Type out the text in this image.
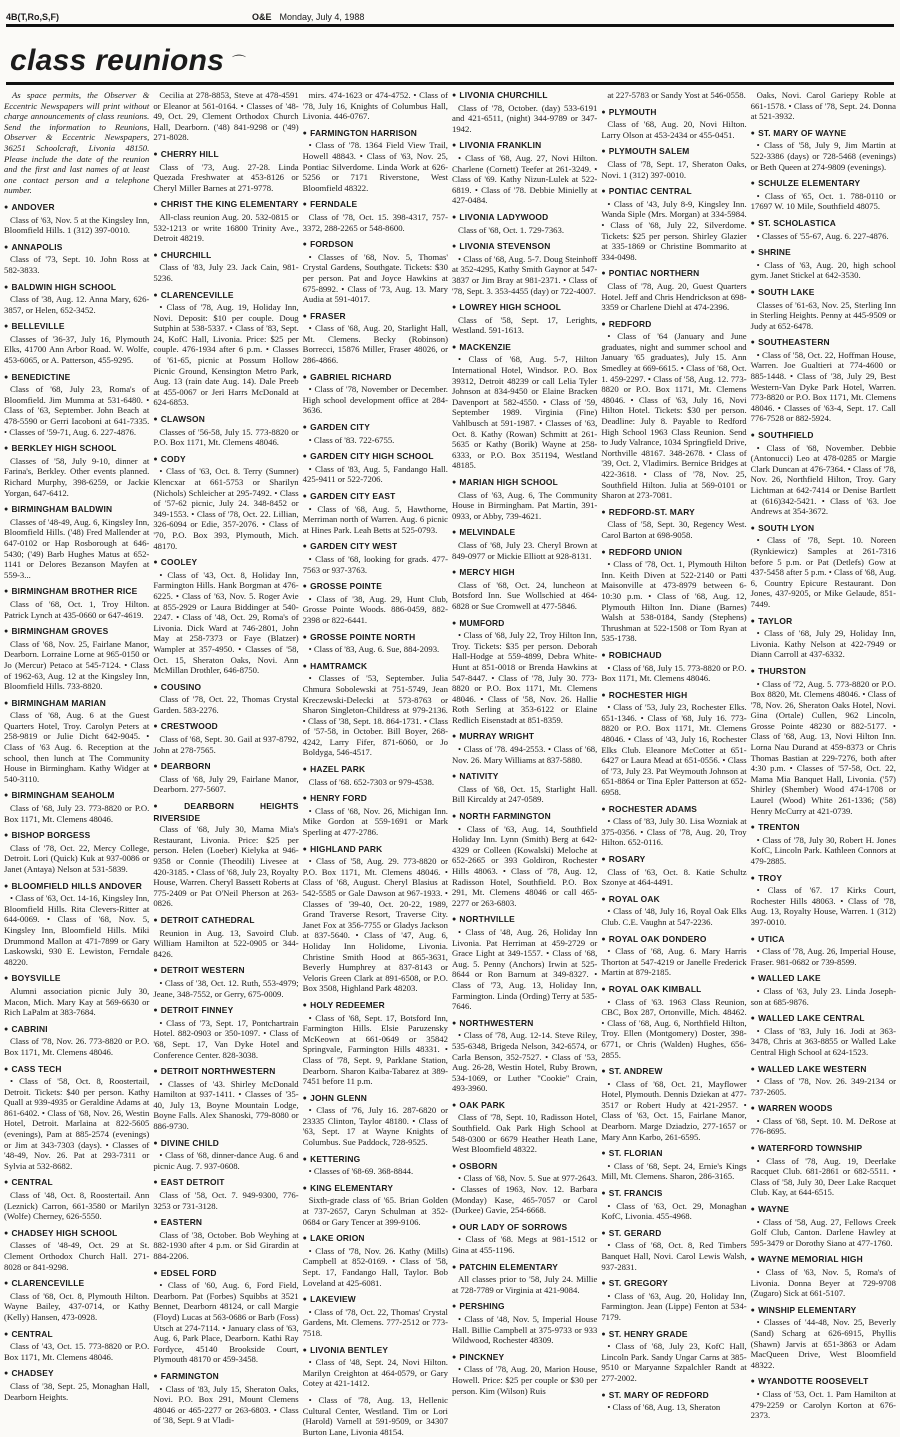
4B(T,Ro,S,F)	O&E Monday, July 4, 1988
class reunions ⌒

As space permits, the Observer & Eccentric Newspapers will print without charge announcements of class reunions. Send the information to Reunions, Observer & Eccentric Newspapers, 36251 Schoolcraft, Livonia 48150. Please include the date of the reunion and the first and last names of at least one contact person and a telephone number.

● ANDOVER
Class of '63, Nov. 5 at the Kingsley Inn, Bloomfield Hills. 1 (312) 397-0010.
● ANNAPOLIS
Class of '73, Sept. 10. John Ross at 582-3833.
● BALDWIN HIGH SCHOOL
Class of '38, Aug. 12. Anna Mary, 626-3857, or Helen, 652-3452.
● BELLEVILLE
Classes of '36-37, July 16, Plymouth Elks, 41700 Ann Arbor Road. W. Wolfe, 453-6065, or A. Patterson, 455-9295.
● BENEDICTINE
Class of '68, July 23, Roma's of Bloomfield. Jim Mumma at 531-6480. • Class of '63, September. John Beach at 478-5590 or Gerri Iacoboni at 641-7335. • Classes of '59-71, Aug. 6. 227-4876.
● BERKLEY HIGH SCHOOL
Classes of '58, July 9-10, dinner at Farina's, Berkley. Other events planned. Richard Murphy, 398-6259, or Jackie Yorgan, 647-6412.
● BIRMINGHAM BALDWIN
Classes of '48-49, Aug. 6, Kingsley Inn, Bloomfield Hills. ('48) Fred Mallender at 647-0102 or Hap Rosborough at 646-5430; ('49) Barb Hughes Matus at 652-1141 or Delores Bezanson Mayfen at 559-3...
● BIRMINGHAM BROTHER RICE
Class of '68, Oct. 1, Troy Hilton. Patrick Lynch at 435-0660 or 647-4619.
● BIRMINGHAM GROVES
Class of '68, Nov. 25, Fairlane Manor, Dearborn. Lorraine Lorne at 965-0150 or Jo (Mercur) Petaco at 545-7124. • Class of 1962-63, Aug. 12 at the Kingsley Inn, Bloomfield Hills. 733-8820.
● BIRMINGHAM MARIAN
Class of '68, Aug. 6 at the Guest Quarters Hotel, Troy. Carolyn Peters at 258-9819 or Julie Dicht 642-9045. • Class of '63 Aug. 6. Reception at the school, then lunch at The Community House in Birmingham. Kathy Widger at 540-3110.
● BIRMINGHAM SEAHOLM
Class of '68, July 23. 773-8820 or P.O. Box 1171, Mt. Clemens 48046.
● BISHOP BORGESS
Class of '78, Oct. 22, Mercy College, Detroit. Lori (Quick) Kuk at 937-0086 or Janet (Antaya) Nelson at 531-5839.
● BLOOMFIELD HILLS ANDOVER
• Class of '63, Oct. 14-16, Kingsley Inn, Bloomfield Hills. Rita Clevers-Ritter at 644-0069. • Class of '68, Nov. 5, Kingsley Inn, Bloomfield Hills. Miki Drummond Mallon at 471-7899 or Gary Laskowski, 930 E. Lewiston, Ferndale 48220.
● BOYSVILLE
Alumni association picnic July 30, Macon, Mich. Mary Kay at 569-6630 or Rich LaPalm at 383-7684.
● CABRINI
Class of '78, Nov. 26. 773-8820 or P.O. Box 1171, Mt. Clemens 48046.
● CASS TECH
• Class of '58, Oct. 8, Roostertail, Detroit. Tickets: $40 per person. Kathy Quall at 939-4935 or Geraldine Adams at 861-6402. • Class of '68, Nov. 26, Westin Hotel, Detroit. Marlaina at 822-5605 (evenings), Pam at 885-2574 (evenings) or Jim at 343-7303 (days). • Classes of '48-49, Nov. 26. Pat at 293-7311 or Sylvia at 532-8682.
● CENTRAL
Class of '48, Oct. 8, Roostertail. Ann (Leznick) Carron, 661-3580 or Marilyn (Wolfe) Cherney, 626-5550.
● CHADSEY HIGH SCHOOL
Classes of '48-49, Oct. 29 at St. Clement Orthodox Church Hall. 271-8028 or 841-9298.
● CLARENCEVILLE
Class of '68, Oct. 8, Plymouth Hilton. Wayne Bailey, 437-0714, or Kathy (Kelly) Hansen, 473-0928.
● CENTRAL
Class of '43, Oct. 15. 773-8820 or P.O. Box 1171, Mt. Clemens 48046.
● CHADSEY
Class of '38, Sept. 25, Monaghan Hall, Dearborn Heights.
Cecilia at 278-8853, Steve at 478-4591 or Eleanor at 561-0164. • Classes of '48-49, Oct. 29, Clement Orthodox Church Hall, Dearborn. ('48) 841-9298 or ('49) 271-8028.
● CHERRY HILL
Class of '73, Aug. 27-28. Linda Quezada Freshwater at 453-8126 or Cheryl Miller Barnes at 271-9778.
● CHRIST THE KING ELEMENTARY
All-class reunion Aug. 20. 532-0815 or 532-1213 or write 16800 Trinity Ave., Detroit 48219.
● CHURCHILL
Class of '83, July 23. Jack Cain, 981-5236.
● CLARENCEVILLE
• Class of '78, Aug. 19, Holiday Inn, Novi. Deposit: $10 per couple. Doug Sutphin at 538-5337. • Class of '83, Sept. 24, KofC Hall, Livonia. Price: $25 per couple. 476-1934 after 6 p.m. • Classes of '61-65, picnic at Possum Hollow Picnic Ground, Kensington Metro Park, Aug. 13 (rain date Aug. 14). Dale Preeb at 455-0067 or Jeri Harrs McDonald at 624-6853.
● CLAWSON
Classes of '56-58, July 15. 773-8820 or P.O. Box 1171, Mt. Clemens 48046.
● CODY
• Class of '63, Oct. 8. Terry (Sumner) Klencxar at 661-5753 or Sharilyn (Nichols) Schleicher at 295-7492. • Class of '57-62 picnic, July 24. 348-8452 or 349-1553. • Class of '78, Oct. 22. Lillian, 326-6094 or Edie, 357-2076. • Class of '70, P.O. Box 393, Plymouth, Mich. 48170.
● COOLEY
• Class of '43, Oct. 8, Holiday Inn, Farmington Hills. Hank Borgman at 476-6225. • Class of '63, Nov. 5. Roger Avie at 855-2929 or Laura Biddinger at 540-2247. • Class of '48, Oct. 29, Roma's of Livonia. Dick Ward at 746-2801, John May at 258-7373 or Faye (Blatzer) Wampler at 357-4950. • Classes of '58, Oct. 15, Sheraton Oaks, Novi. Ann McMillan Drothler, 646-8750.
● COUSINO
Class of '78, Oct. 22, Thomas Crystal Garden. 583-2276.
● CRESTWOOD
Class of '68, Sept. 30. Gail at 937-8792, John at 278-7565.
● DEARBORN
Class of '68, July 29, Fairlane Manor, Dearborn. 277-5607.
● DEARBORN HEIGHTS RIVERSIDE
Class of '68, July 30, Mama Mia's Restaurant, Livonia. Price: $25 per person. Helen (Loeber) Kielyka at 946-9358 or Connie (Theodili) Livesee at 420-3185. • Class of '68, July 23, Royalty House, Warren. Cheryl Bassett Roberts at 775-2409 or Pat O'Neil Pherson at 263-0826.
● DETROIT CATHEDRAL
Reunion in Aug. 13, Savoird Club. William Hamilton at 522-0905 or 344-8426.
● DETROIT WESTERN
• Class of '38, Oct. 12. Ruth, 553-4979; Jeane, 348-7552, or Gerry, 675-0009.
● DETROIT FINNEY
• Class of '73, Sept. 17, Pontchartrain Hotel. 882-0903 or 350-1097. • Class of '68, Sept. 17, Van Dyke Hotel and Conference Center. 828-3038.
● DETROIT NORTHWESTERN
• Classes of '43. Shirley McDonald Hamilton at 937-1411. • Classes of '35-40, July 13, Boyne Mountain Lodge, Boyne Falls. Alex Shanoski, 779-8080 or 886-9730.
● DIVINE CHILD
• Class of '68, dinner-dance Aug. 6 and picnic Aug. 7. 937-0608.
● EAST DETROIT
Class of '58, Oct. 7. 949-9300, 776-3253 or 731-3128.
● EASTERN
Class of '38, October. Bob Weyhing at 882-1930 after 4 p.m. or Sid Girardin at 884-2206.
● EDSEL FORD
• Class of '60, Aug. 6, Ford Field, Dearborn. Pat (Forbes) Squibbs at 3521 Bennet, Dearborn 48124, or call Margie (Floyd) Lucas at 563-0686 or Barb (Foss) Utsch at 274-7114. • January class of '63, Aug. 6, Park Place, Dearborn. Kathi Ray Fordyce, 45140 Brookside Court, Plymouth 48170 or 459-3458.
● FARMINGTON
• Class of '83, July 15, Sheraton Oaks, Novi. P.O. Box 291, Mount Clemens 48046 or 465-2277 or 263-6803. • Class of '38, Sept. 9 at Vladi-
mirs. 474-1623 or 474-4752. • Class of '78, July 16, Knights of Columbus Hall, Livonia. 446-0767.
● FARMINGTON HARRISON
• Class of '78. 1364 Field View Trail, Howell 48843. • Class of '63, Nov. 25, Pontiac Silverdome. Linda Work at 626-5256 or 7171 Riverstone, West Bloomfield 48322.
● FERNDALE
Class of '78, Oct. 15. 398-4317, 757-3372, 288-2265 or 548-8600.
● FORDSON
• Classes of '68, Nov. 5, Thomas' Crystal Gardens, Southgate. Tickets: $30 per person. Pat and Joyce Hawkins at 675-8992. • Class of '73, Aug. 13. Mary Audia at 591-4017.
● FRASER
• Class of '68, Aug. 20, Starlight Hall, Mt. Clemens. Becky (Robinson) Borrecci, 15876 Miller, Fraser 48026, or 286-4866.
● GABRIEL RICHARD
• Class of '78, November or December. High school development office at 284-3636.
● GARDEN CITY
• Class of '83. 722-6755.
● GARDEN CITY HIGH SCHOOL
• Class of '83, Aug. 5, Fandango Hall. 425-9411 or 522-7206.
● GARDEN CITY EAST
• Class of '68, Aug. 5, Hawthorne, Merriman north of Warren. Aug. 6 picnic at Hines Park. Leah Betts at 525-0793.
● GARDEN CITY WEST
• Class of '68, looking for grads. 477-7563 or 937-3763.
● GROSSE POINTE
• Class of '38, Aug. 29, Hunt Club, Grosse Pointe Woods. 886-0459, 882-2398 or 822-6441.
● GROSSE POINTE NORTH
• Class of '83, Aug. 6. Sue, 884-2093.
● HAMTRAMCK
• Classes of '53, September. Julia Chmura Sobolewski at 751-5749, Jean Kreczewski-Delecki at 573-8763 or Sharon Singleton-Childress at 979-2136. • Class of '38, Sept. 18. 864-1731. • Class of '57-58, in October. Bill Boyer, 268-4242, Larry Fifer, 871-6060, or Jo Boldyga, 546-4517.
● HAZEL PARK
Class of '68. 652-7303 or 979-4538.
● HENRY FORD
• Class of '68, Nov. 26, Michigan Inn. Mike Gordon at 559-1691 or Mark Sperling at 477-2786.
● HIGHLAND PARK
• Class of '58, Aug. 29. 773-8820 or P.O. Box 1171, Mt. Clemens 48046. • Class of '68, August. Cheryl Blasius at 542-5585 or Gale Dawson at 967-1933. • Classes of '39-40, Oct. 20-22, 1989, Grand Traverse Resort, Traverse City. Janet Fox at 356-7755 or Gladys Jackson at 837-5640. • Class of '47, Aug. 6, Holiday Inn Holidome, Livonia. Christine Smith Hood at 865-3631, Beverly Humphrey at 837-8143 or Veloris Green Clark at 891-6508, or P.O. Box 3508, Highland Park 48203.
● HOLY REDEEMER
• Class of '68, Sept. 17, Botsford Inn, Farmington Hills. Elsie Paruzensky McKeown at 661-0649 or 35842 Springvale, Farmington Hills 48331. • Class of '78, Sept. 9, Parklane Station, Dearborn. Sharon Kaiba-Tabarez at 389-7451 before 11 p.m.
● JOHN GLENN
• Class of '76, July 16. 287-6820 or 23335 Clinton, Taylor 48180. • Class of '63, Sept. 17 at Wayne Knights of Columbus. Sue Paddock, 728-9525.
● KETTERING
• Classes of '68-69. 368-8844.
● KING ELEMENTARY
Sixth-grade class of '65. Brian Golden at 737-2657, Caryn Schulman at 352-0684 or Gary Tencer at 399-9106.
● LAKE ORION
• Class of '78, Nov. 26. Kathy (Mills) Campbell at 852-0169. • Class of '58, Sept. 17, Fandango Hall, Taylor. Bob Loveland at 425-6081.
● LAKEVIEW
• Class of '78, Oct. 22, Thomas' Crystal Gardens, Mt. Clemens. 777-2512 or 773-7518.
● LIVONIA BENTLEY
• Class of '48, Sept. 24, Novi Hilton. Marilyn Creighton at 464-0579, or Gary Cotey at 421-1412.
• Class of '78, Aug. 13, Hellenic Cultural Center, Westland. Tim or Lori (Harold) Varnell at 591-9509, or 34307 Burton Lane, Livonia 48154.
● LIVONIA CHURCHILL
Class of '78, October. (day) 533-6191 and 421-6511, (night) 344-9789 or 347-1942.
● LIVONIA FRANKLIN
• Class of '68, Aug. 27, Novi Hilton. Charlene (Cornett) Teefer at 261-3249. • Class of '69. Kathy Nizun-Lulek at 522-6819. • Class of '78. Debbie Minielly at 427-0484.
● LIVONIA LADYWOOD
Class of '68, Oct. 1. 729-7363.
● LIVONIA STEVENSON
• Class of '68, Aug. 5-7. Doug Steinhoff at 352-4295, Kathy Smith Gaynor at 547-3837 or Jim Bray at 981-2371. • Class of '78, Sept. 3. 353-4455 (day) or 722-4007.
● LOWREY HIGH SCHOOL
Class of '58, Sept. 17, Lerights, Westland. 591-1613.
● MACKENZIE
• Class of '68, Aug. 5-7, Hilton International Hotel, Windsor. P.O. Box 39312, Detroit 48239 or call Lelia Tyler Johnson at 834-9450 or Elaine Bracken Davenport at 582-4550. • Class of '59, September 1989. Virginia (Fine) Vahlbusch at 591-1987. • Classes of '63, Oct. 8. Kathy (Rowan) Schmitt at 261-5635 or Kathy (Borik) Wayne at 258-6333, or P.O. Box 351194, Westland 48185.
● MARIAN HIGH SCHOOL
Class of '63, Aug. 6, The Community House in Birmingham. Pat Martin, 391-0933, or Abby, 739-4621.
● MELVINDALE
Class of '68, July 23. Cheryl Brown at 849-0977 or Mickie Elliott at 928-8131.
● MERCY HIGH
Class of '68, Oct. 24, luncheon at Botsford Inn. Sue Wollschied at 464-6828 or Sue Cromwell at 477-5846.
● MUMFORD
• Class of '68, July 22, Troy Hilton Inn, Troy. Tickets: $35 per person. Deborah Hall-Hodge at 559-4899, Debra White-Hunt at 851-0018 or Brenda Hawkins at 547-8447. • Class of '78, July 30. 773-8820 or P.O. Box 1171, Mt. Clemens 48046. • Class of '58, Nov. 26. Hallie Roth Serling at 353-6122 or Elaine Redlich Eisenstadt at 851-8359.
● MURRAY WRIGHT
• Class of '78. 494-2553. • Class of '68, Nov. 26. Mary Williams at 837-5880.
● NATIVITY
Class of '68, Oct. 15, Starlight Hall. Bill Kircaldy at 247-0589.
● NORTH FARMINGTON
• Class of '63, Aug. 14, Southfield Holiday Inn. Lynn (Smith) Berg at 642-4329 or Colleen (Kowalski) Meloche at 652-2665 or 393 Goldiron, Rochester Hills 48063. • Class of '78, Aug. 12, Radisson Hotel, Southfield. P.O. Box 291, Mt. Clemens 48046 or call 465-2277 or 263-6803.
● NORTHVILLE
• Class of '48, Aug. 26, Holiday Inn Livonia. Pat Herriman at 459-2729 or Grace Light at 349-1557. • Class of '68, Aug. 5. Penny (Anchors) Irwin at 525-8644 or Ron Barnum at 349-8327. • Class of '73, Aug. 13, Holiday Inn, Farmington. Linda (Ording) Terry at 535-7646.
● NORTHWESTERN
• Class of '78, Aug. 12-14. Steve Riley, 535-6348, Brigeda Nelson, 342-6574, or Carla Benson, 352-7527. • Class of '53, Aug. 26-28, Westin Hotel, Ruby Brown, 534-1069, or Luther "Cookie" Crain, 493-3960.
● OAK PARK
Class of '78, Sept. 10, Radisson Hotel, Southfield. Oak Park High School at 548-0300 or 6679 Heather Heath Lane, West Bloomfield 48322.
● OSBORN
• Class of '68, Nov. 5. Sue at 977-2643. • Classes of 1963, Nov. 12. Barbara (Monday) Kase, 465-7057 or Carol (Durkee) Gavie, 254-6668.
● OUR LADY OF SORROWS
• Class of '68. Megs at 981-1512 or Gina at 455-1196.
● PATCHIN ELEMENTARY
All classes prior to '58, July 24. Millie at 728-7789 or Virginia at 421-9084.
● PERSHING
• Class of '48, Nov. 5, Imperial House Hall. Billie Campbell at 375-9733 or 933 Wildwood, Rochester 48309.
● PINCKNEY
• Class of '78, Aug. 20, Marion House, Howell. Price: $25 per couple or $30 per person. Kim (Wilson) Ruis
at 227-5783 or Sandy Yost at 546-0558.
● PLYMOUTH
Class of '68, Aug. 20, Novi Hilton. Larry Olson at 453-2434 or 455-0451.
● PLYMOUTH SALEM
Class of '78, Sept. 17, Sheraton Oaks, Novi. 1 (312) 397-0010.
● PONTIAC CENTRAL
• Class of '43, July 8-9, Kingsley Inn. Wanda Siple (Mrs. Morgan) at 334-5984. • Class of '68, July 22, Silverdome. Tickets: $25 per person. Shirley Glazier at 335-1869 or Christine Bommarito at 334-0498.
● PONTIAC NORTHERN
Class of '78, Aug. 20, Guest Quarters Hotel. Jeff and Chris Hendrickson at 698-3359 or Charlene Diehl at 474-2396.
● REDFORD
• Class of '64 (January and June graduates, night and summer school and January '65 graduates), July 15. Ann Smedley at 669-6615. • Class of '68, Oct. 1. 459-2297. • Class of '58, Aug. 12. 773-8820 or P.O. Box 1171, Mt. Clemens 48046. • Class of '63, July 16, Novi Hilton Hotel. Tickets: $30 per person. Deadline: July 8. Payable to Redford High School 1963 Class Reunion. Send to Judy Valrance, 1034 Springfield Drive, Northville 48167. 348-2678. • Class of '39, Oct. 2, Vladimirs. Bernice Bridges at 422-3618. • Class of '78, Nov. 25, Southfield Hilton. Julia at 569-0101 or Sharon at 273-7081.
● REDFORD-ST. MARY
Class of '58, Sept. 30, Regency West. Carol Barton at 698-9058.
● REDFORD UNION
• Class of '78, Oct. 1, Plymouth Hilton Inn. Keith Diven at 522-2140 or Patti Maisonville at 473-8979 between 6-10:30 p.m. • Class of '68, Aug. 12, Plymouth Hilton Inn. Diane (Barnes) Walsh at 538-0184, Sandy (Stephens) Thrushman at 522-1508 or Tom Ryan at 535-1738.
● ROBICHAUD
• Class of '68, July 15. 773-8820 or P.O. Box 1171, Mt. Clemens 48046.
● ROCHESTER HIGH
• Class of '53, July 23, Rochester Elks. 651-1346. • Class of '68, July 16. 773-8820 or P.O. Box 1171, Mt. Clemens 48046. • Class of '43, July 16, Rochester Elks Club. Eleanore McCotter at 651-6427 or Laura Mead at 651-0556. • Class of '73, July 23. Pat Weymouth Johnson at 651-8864 or Tina Epler Patterson at 652-6958.
● ROCHESTER ADAMS
• Class of '83, July 30. Lisa Wozniak at 375-0356. • Class of '78, Aug. 20, Troy Hilton. 652-0116.
● ROSARY
Class of '63, Oct. 8. Katie Schultz Szonye at 464-4491.
● ROYAL OAK
• Class of '48, July 16, Royal Oak Elks Club. C.E. Vaughn at 547-2236.
● ROYAL OAK DONDERO
• Class of '68, Aug. 6. Mary Harris Thorton at 547-4219 or Janelle Frederick Martin at 879-2185.
● ROYAL OAK KIMBALL
• Class of '63. 1963 Class Reunion, CBC, Box 287, Ortonville, Mich. 48462. • Class of '68, Aug. 6, Northfield Hilton, Troy. Ellen (Montgomery) Doster, 398-6771, or Chris (Walden) Hughes, 656-2855.
● ST. ANDREW
• Class of '68, Oct. 21, Mayflower Hotel, Plymouth. Dennis Dziekan at 477-3517 or Robert Hudy at 421-2957. • Class of '63, Oct. 15, Fairlane Manor, Dearborn. Marge Dziadzio, 277-1657 or Mary Ann Karbo, 261-6595.
● ST. FLORIAN
• Class of '68, Sept. 24, Ernie's Kings Mill, Mt. Clemens. Sharon, 286-3165.
● ST. FRANCIS
• Class of '63, Oct. 29, Monaghan KofC, Livonia. 455-4968.
● ST. GERARD
• Class of '68, Oct. 8, Red Timbers Banquet Hall, Novi. Carol Lewis Walsh, 937-2831.
● ST. GREGORY
• Class of '63, Aug. 20, Holiday Inn, Farmington. Jean (Lippe) Fenton at 534-7179.
● ST. HENRY GRADE
• Class of '68, July 23, KofC Hall, Lincoln Park. Sandy Ungar Carns at 385-9510 or Maryanne Szpalchler Randt at 277-2002.
● ST. MARY OF REDFORD
• Class of '68, Aug. 13, Sheraton
Oaks, Novi. Carol Gariepy Roble at 661-1578. • Class of '78, Sept. 24. Donna at 521-3932.
● ST. MARY OF WAYNE
• Class of '58, July 9, Jim Martin at 522-3386 (days) or 728-5468 (evenings) or Beth Queen at 274-9809 (evenings).
● SCHULZE ELEMENTARY
• Class of '65, Oct. 1. 788-0110 or 17697 W. 10 Mile, Southfield 48075.
● ST. SCHOLASTICA
• Classes of '55-67, Aug. 6. 227-4876.
● SHRINE
• Class of '63, Aug. 20, high school gym. Janet Stickel at 642-3530.
● SOUTH LAKE
Classes of '61-63, Nov. 25, Sterling Inn in Sterling Heights. Penny at 445-9509 or Judy at 652-6478.
● SOUTHEASTERN
• Class of '58, Oct. 22, Hoffman House, Warren. Joe Gualtieri at 774-4600 or 885-1448. • Class of '38, July 29, Best Western-Van Dyke Park Hotel, Warren. 773-8820 or P.O. Box 1171, Mt. Clemens 48046. • Classes of '63-4, Sept. 17. Call 776-7528 or 882-5924.
● SOUTHFIELD
• Class of '68, November. Debbie (Antonucci) Leo at 478-0285 or Margie Clark Duncan at 476-7364. • Class of '78, Nov. 26, Northfield Hilton, Troy. Gary Lichtman at 642-7414 or Denise Bartlett at (616)342-5421. • Class of '63. Joe Andrews at 354-3672.
● SOUTH LYON
• Class of '78, Sept. 10. Noreen (Rynkiewicz) Samples at 261-7316 before 5 p.m. or Pat (Detlefs) Gow at 437-5458 after 5 p.m. • Class of '68, Aug. 6, Country Epicure Restaurant. Don Jones, 437-9205, or Mike Gelaude, 851-7449.
● TAYLOR
• Class of '68, July 29, Holiday Inn, Livonia. Kathy Nelson at 422-7949 or Diann Carroll at 437-6332.
● THURSTON
• Class of '72, Aug. 5. 773-8820 or P.O. Box 8820, Mt. Clemens 48046. • Class of '78, Nov. 26, Sheraton Oaks Hotel, Novi. Gina (Ortale) Cullen, 962 Lincoln, Grosse Pointe 48230 or 882-5177. • Class of '68, Aug. 13, Novi Hilton Inn. Lorna Nau Durand at 459-8373 or Chris Thomas Bastian at 229-7276, both after 4:30 p.m. • Classes of '57-58, Oct. 22, Mama Mia Banquet Hall, Livonia. ('57) Shirley (Shember) Wood 474-1708 or Laurel (Wood) White 261-1336; ('58) Henry McCurry at 421-0739.
● TRENTON
• Class of '78, July 30, Robert H. Jones KofC, Lincoln Park. Kathleen Connors at 479-2885.
● TROY
• Class of '67. 17 Kirks Court, Rochester Hills 48063. • Class of '78, Aug. 13, Royalty House, Warren. 1 (312) 397-0010.
● UTICA
• Class of '78, Aug. 26, Imperial House, Fraser. 981-0682 or 739-8599.
● WALLED LAKE
• Class of '63, July 23. Linda Joseph-son at 685-9876.
● WALLED LAKE CENTRAL
• Class of '83, July 16. Jodi at 363-3478, Chris at 363-8855 or Walled Lake Central High School at 624-1523.
● WALLED LAKE WESTERN
• Class of '78, Nov. 26. 349-2134 or 737-2605.
● WARREN WOODS
• Class of '68, Sept. 10. M. DeRose at 776-8695.
● WATERFORD TOWNSHIP
• Class of '78, Aug. 19, Deerlake Racquet Club. 681-2861 or 682-5511. • Class of '58, July 30, Deer Lake Racquet Club. Kay, at 644-6515.
● WAYNE
• Class of '58, Aug. 27, Fellows Creek Golf Club, Canton. Darlene Hawley at 595-3479 or Dorothy Siano at 477-1760.
● WAYNE MEMORIAL HIGH
• Class of '63, Nov. 5, Roma's of Livonia. Donna Beyer at 729-9708 (Zugaro) Sick at 661-5107.
● WINSHIP ELEMENTARY
• Classes of '44-48, Nov. 25, Beverly (Sand) Scharg at 626-6915, Phyllis (Shawn) Jarvis at 651-3863 or Adam MacQueen Drive, West Bloomfield 48322.
● WYANDOTTE ROOSEVELT
• Class of '53, Oct. 1. Pam Hamilton at 479-2259 or Carolyn Korton at 676-2373.
